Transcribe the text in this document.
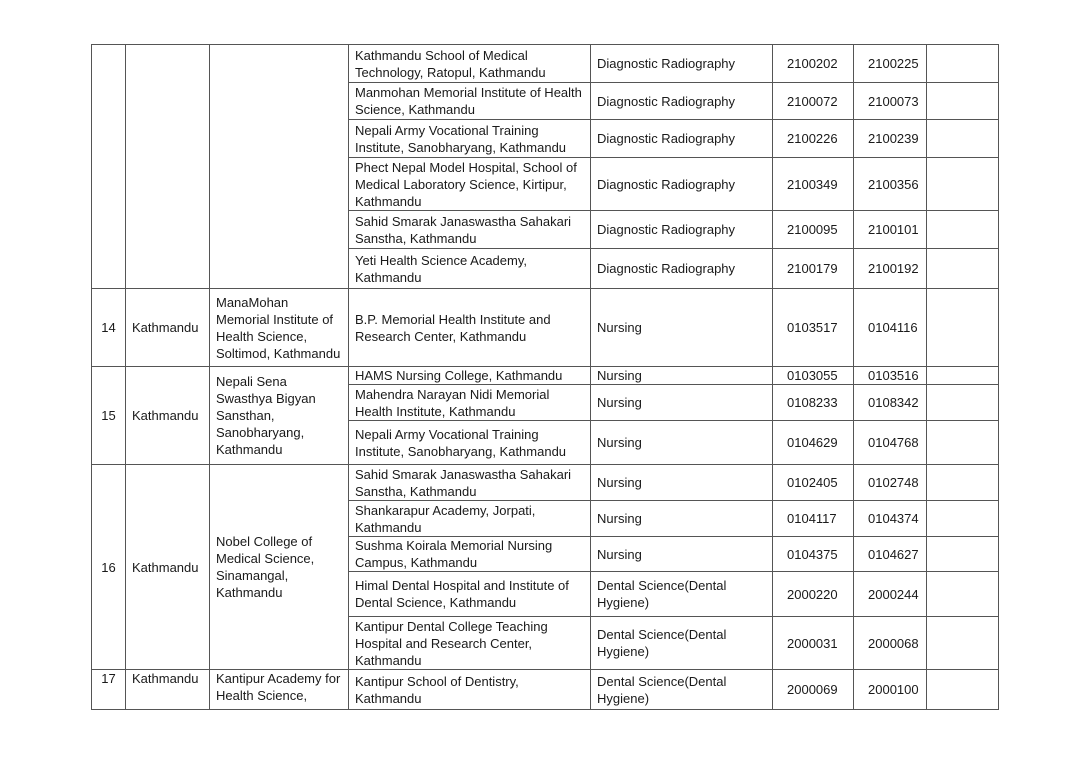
			Kathmandu School of Medical Technology, Ratopul, Kathmandu	Diagnostic Radiography	2100202	2100225	
			Manmohan Memorial Institute of Health Science, Kathmandu	Diagnostic Radiography	2100072	2100073	
			Nepali Army Vocational Training Institute, Sanobharyang, Kathmandu	Diagnostic Radiography	2100226	2100239	
			Phect Nepal Model Hospital, School of Medical Laboratory Science, Kirtipur, Kathmandu	Diagnostic Radiography	2100349	2100356	
			Sahid Smarak Janaswastha Sahakari Sanstha, Kathmandu	Diagnostic Radiography	2100095	2100101	
			Yeti Health Science Academy, Kathmandu	Diagnostic Radiography	2100179	2100192	
14	Kathmandu	ManaMohan Memorial Institute of Health Science, Soltimod, Kathmandu	B.P. Memorial Health Institute and Research Center, Kathmandu	Nursing	0103517	0104116	
15	Kathmandu	Nepali Sena Swasthya Bigyan Sansthan, Sanobharyang, Kathmandu	HAMS Nursing College, Kathmandu	Nursing	0103055	0103516	
			Mahendra Narayan Nidi Memorial Health Institute, Kathmandu	Nursing	0108233	0108342	
			Nepali Army Vocational Training Institute, Sanobharyang, Kathmandu	Nursing	0104629	0104768	
16	Kathmandu	Nobel College of Medical Science, Sinamangal, Kathmandu	Sahid Smarak Janaswastha Sahakari Sanstha, Kathmandu	Nursing	0102405	0102748	
			Shankarapur Academy, Jorpati, Kathmandu	Nursing	0104117	0104374	
			Sushma Koirala Memorial Nursing Campus, Kathmandu	Nursing	0104375	0104627	
			Himal Dental Hospital and Institute of Dental Science, Kathmandu	Dental Science(Dental Hygiene)	2000220	2000244	
			Kantipur Dental College Teaching Hospital and Research Center, Kathmandu	Dental Science(Dental Hygiene)	2000031	2000068	
17	Kathmandu	Kantipur Academy for Health Science,	Kantipur School of Dentistry, Kathmandu	Dental Science(Dental Hygiene)	2000069	2000100	
